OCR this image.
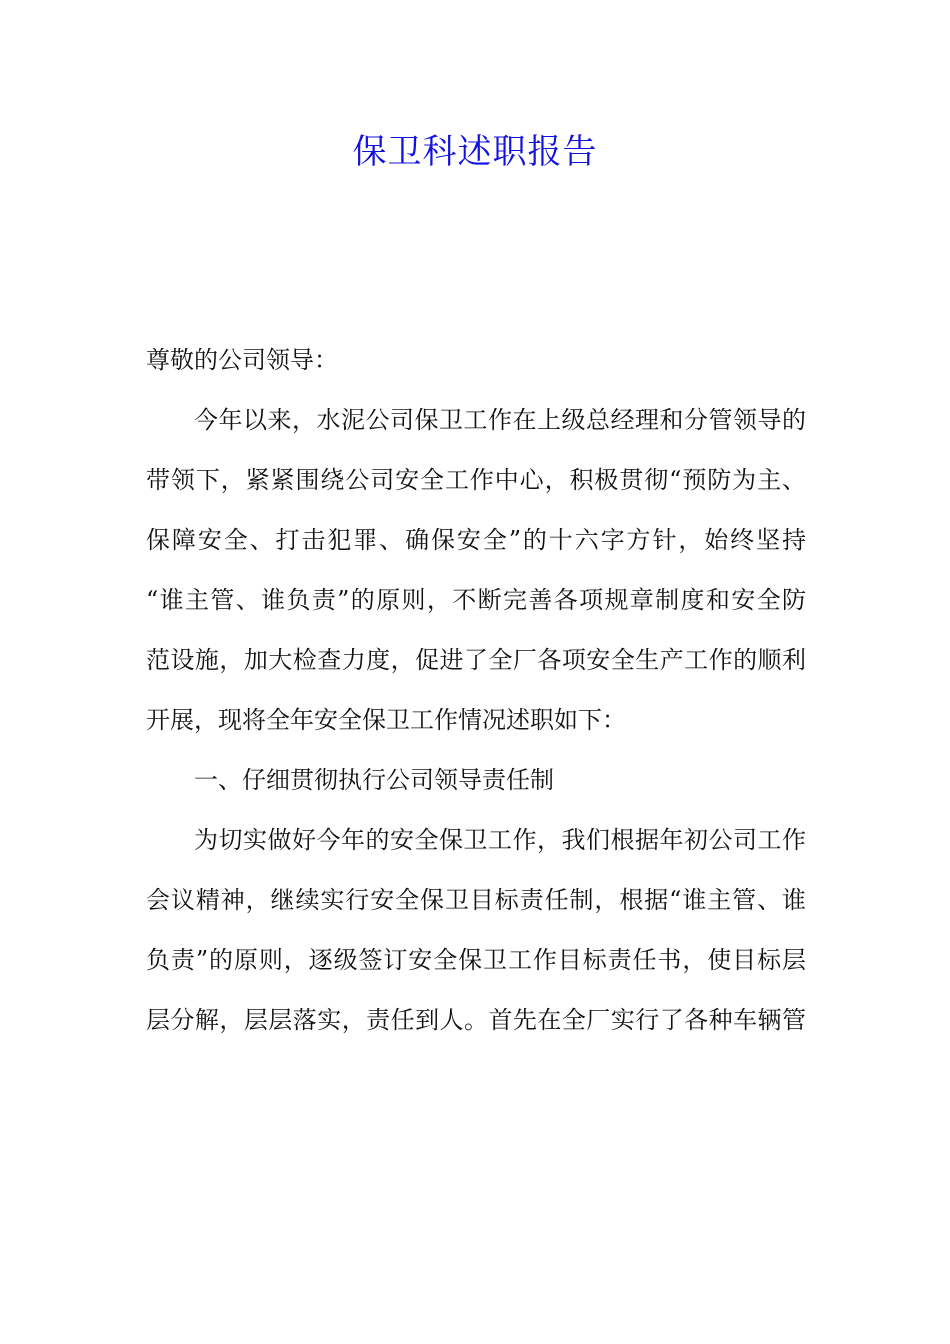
保卫科述职报告
尊敬的公司领导：
今年以来，水泥公司保卫工作在上级总经理和分管领导的
带领下，紧紧围绕公司安全工作中心，积极贯彻“预防为主、
保障安全、打击犯罪、确保安全”的十六字方针，始终坚持
“谁主管、谁负责”的原则，不断完善各项规章制度和安全防
范设施，加大检查力度，促进了全厂各项安全生产工作的顺利
开展，现将全年安全保卫工作情况述职如下：
一、仔细贯彻执行公司领导责任制
为切实做好今年的安全保卫工作，我们根据年初公司工作
会议精神，继续实行安全保卫目标责任制，根据“谁主管、谁
负责”的原则，逐级签订安全保卫工作目标责任书，使目标层
层分解，层层落实，责任到人。首先在全厂实行了各种车辆管
